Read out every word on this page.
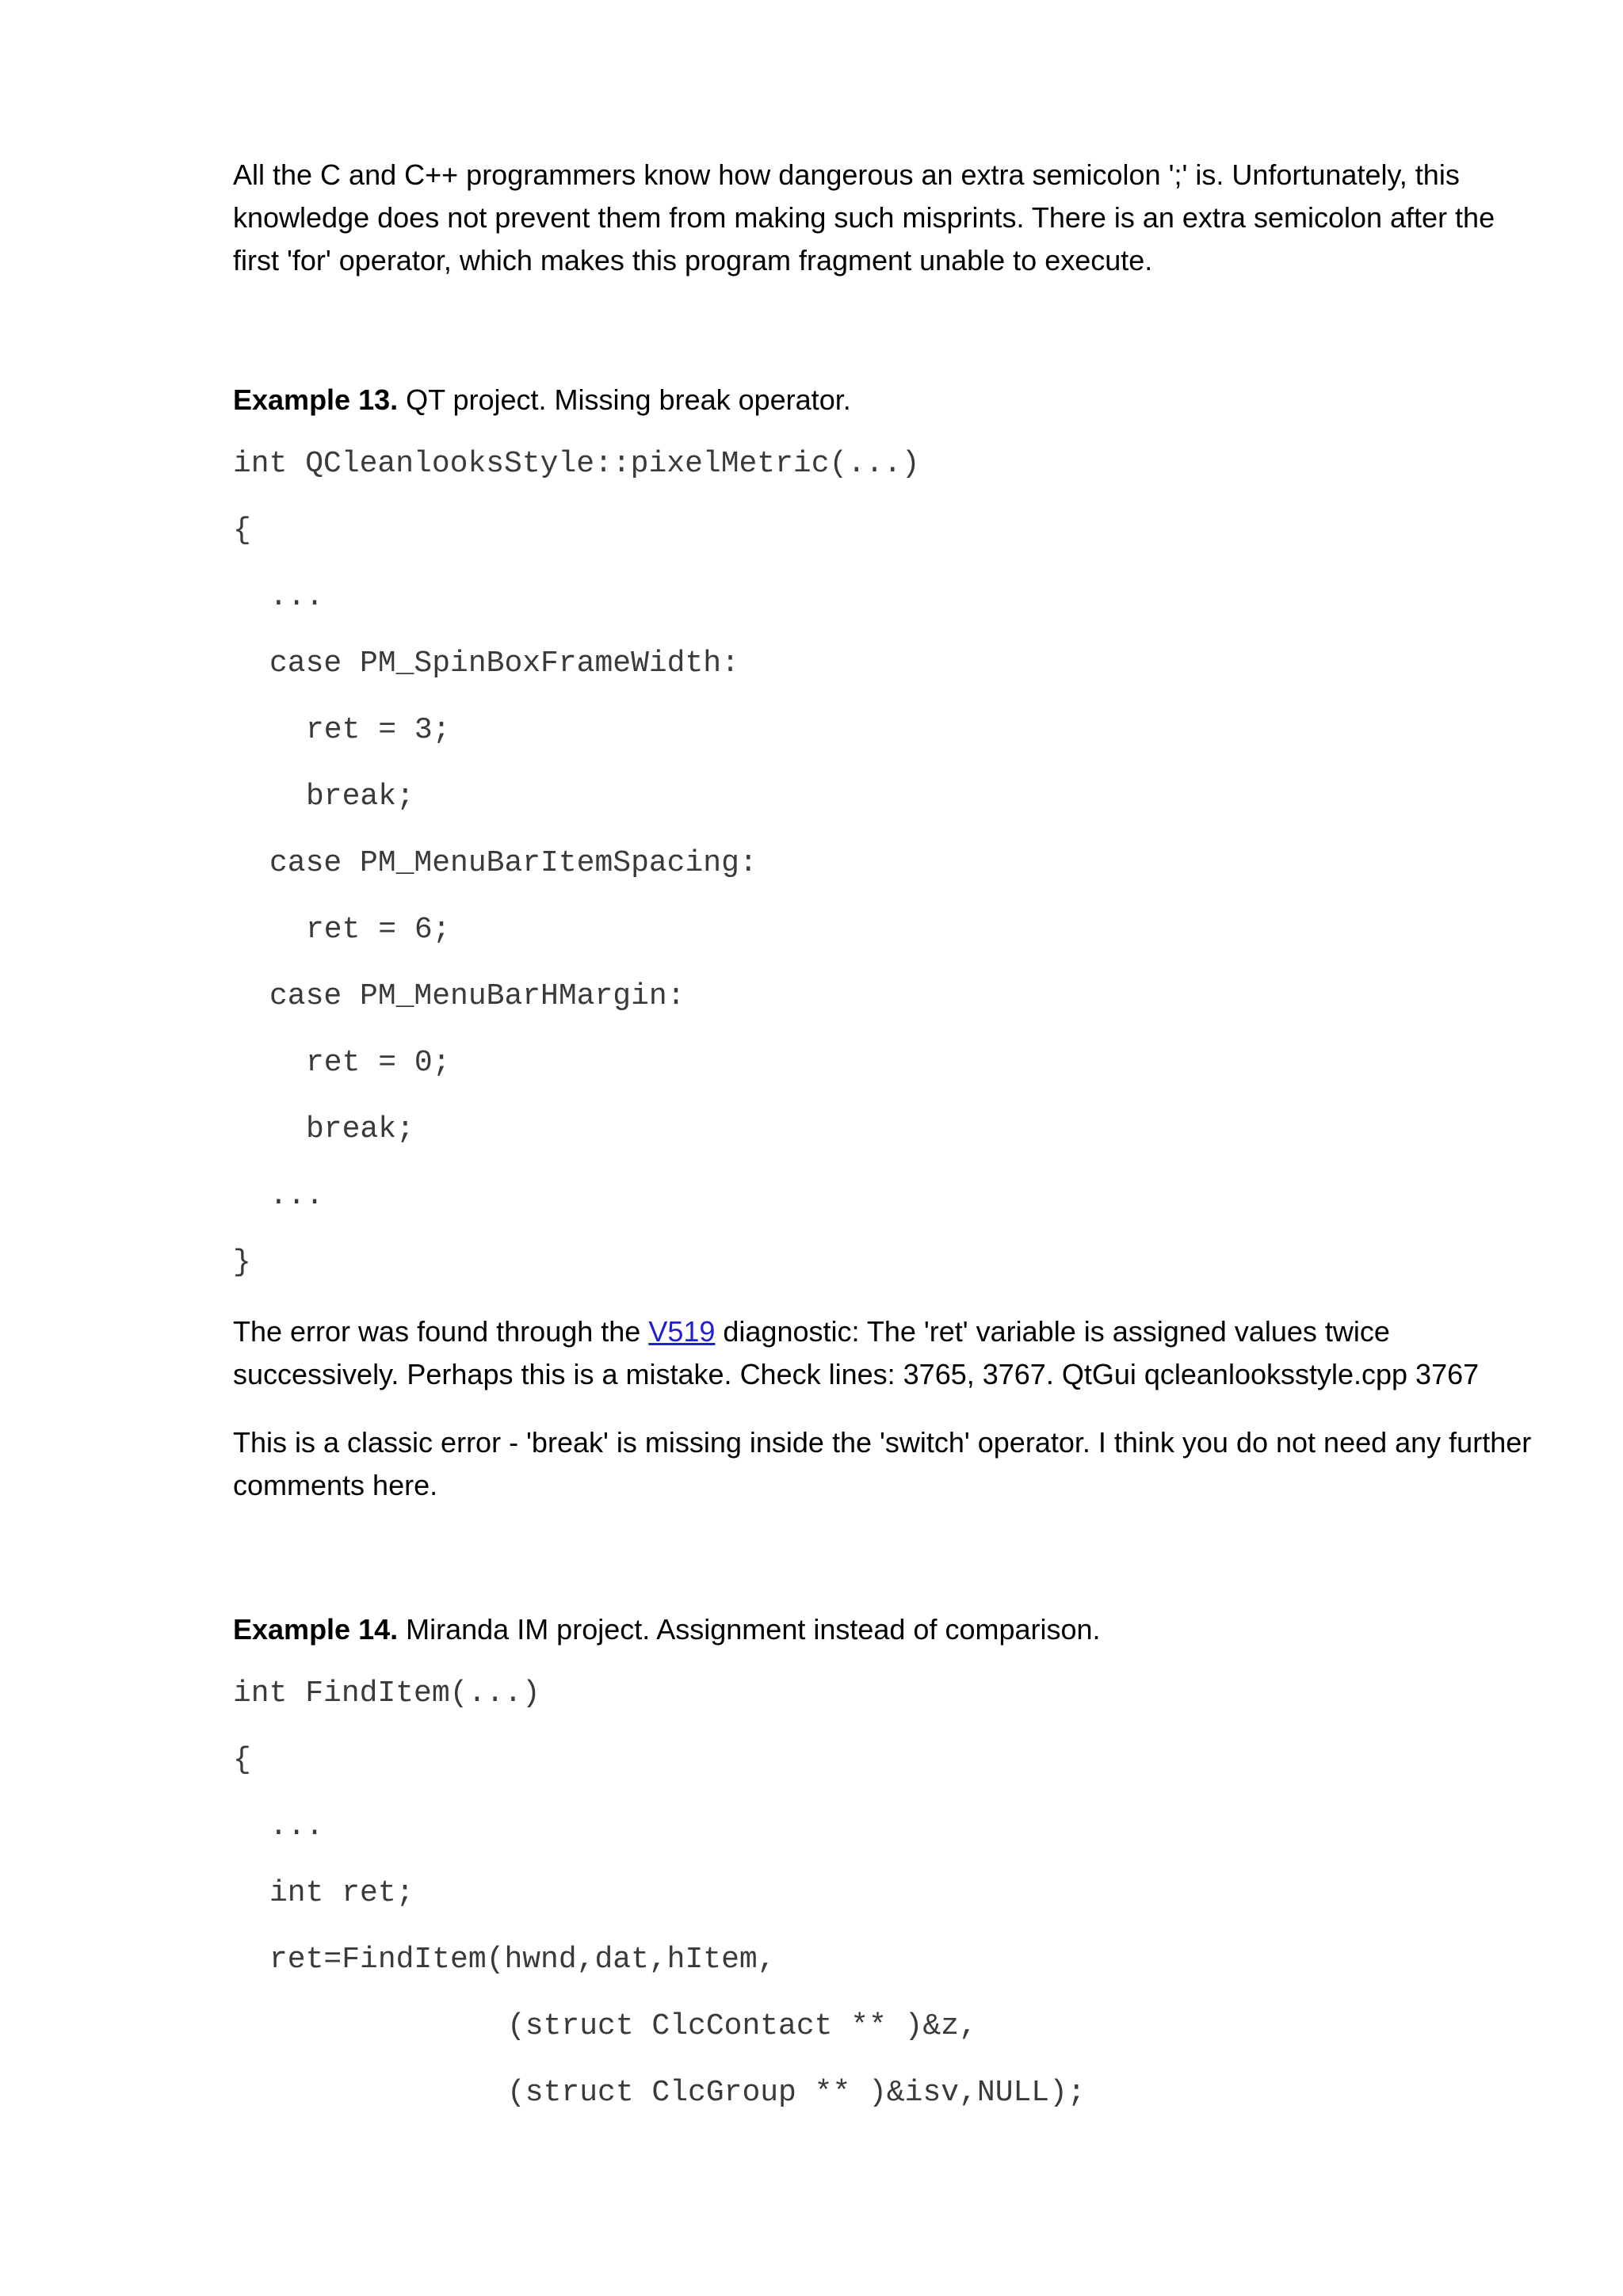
All the C and C++ programmers know how dangerous an extra semicolon ';' is. Unfortunately, this knowledge does not prevent them from making such misprints. There is an extra semicolon after the first 'for' operator, which makes this program fragment unable to execute.

Example 13. QT project. Missing break operator.

int QCleanlooksStyle::pixelMetric(...)
{
...
case PM_SpinBoxFrameWidth:
ret = 3;
break;
case PM_MenuBarItemSpacing:
ret = 6;
case PM_MenuBarHMargin:
ret = 0;
break;
...
}

The error was found through the V519 diagnostic: The 'ret' variable is assigned values twice successively. Perhaps this is a mistake. Check lines: 3765, 3767. QtGui qcleanlooksstyle.cpp 3767

This is a classic error - 'break' is missing inside the 'switch' operator. I think you do not need any further comments here.

Example 14. Miranda IM project. Assignment instead of comparison.

int FindItem(...)
{
...
int ret;
ret=FindItem(hwnd,dat,hItem,
(struct ClcContact ** )&z,
(struct ClcGroup ** )&isv,NULL);
